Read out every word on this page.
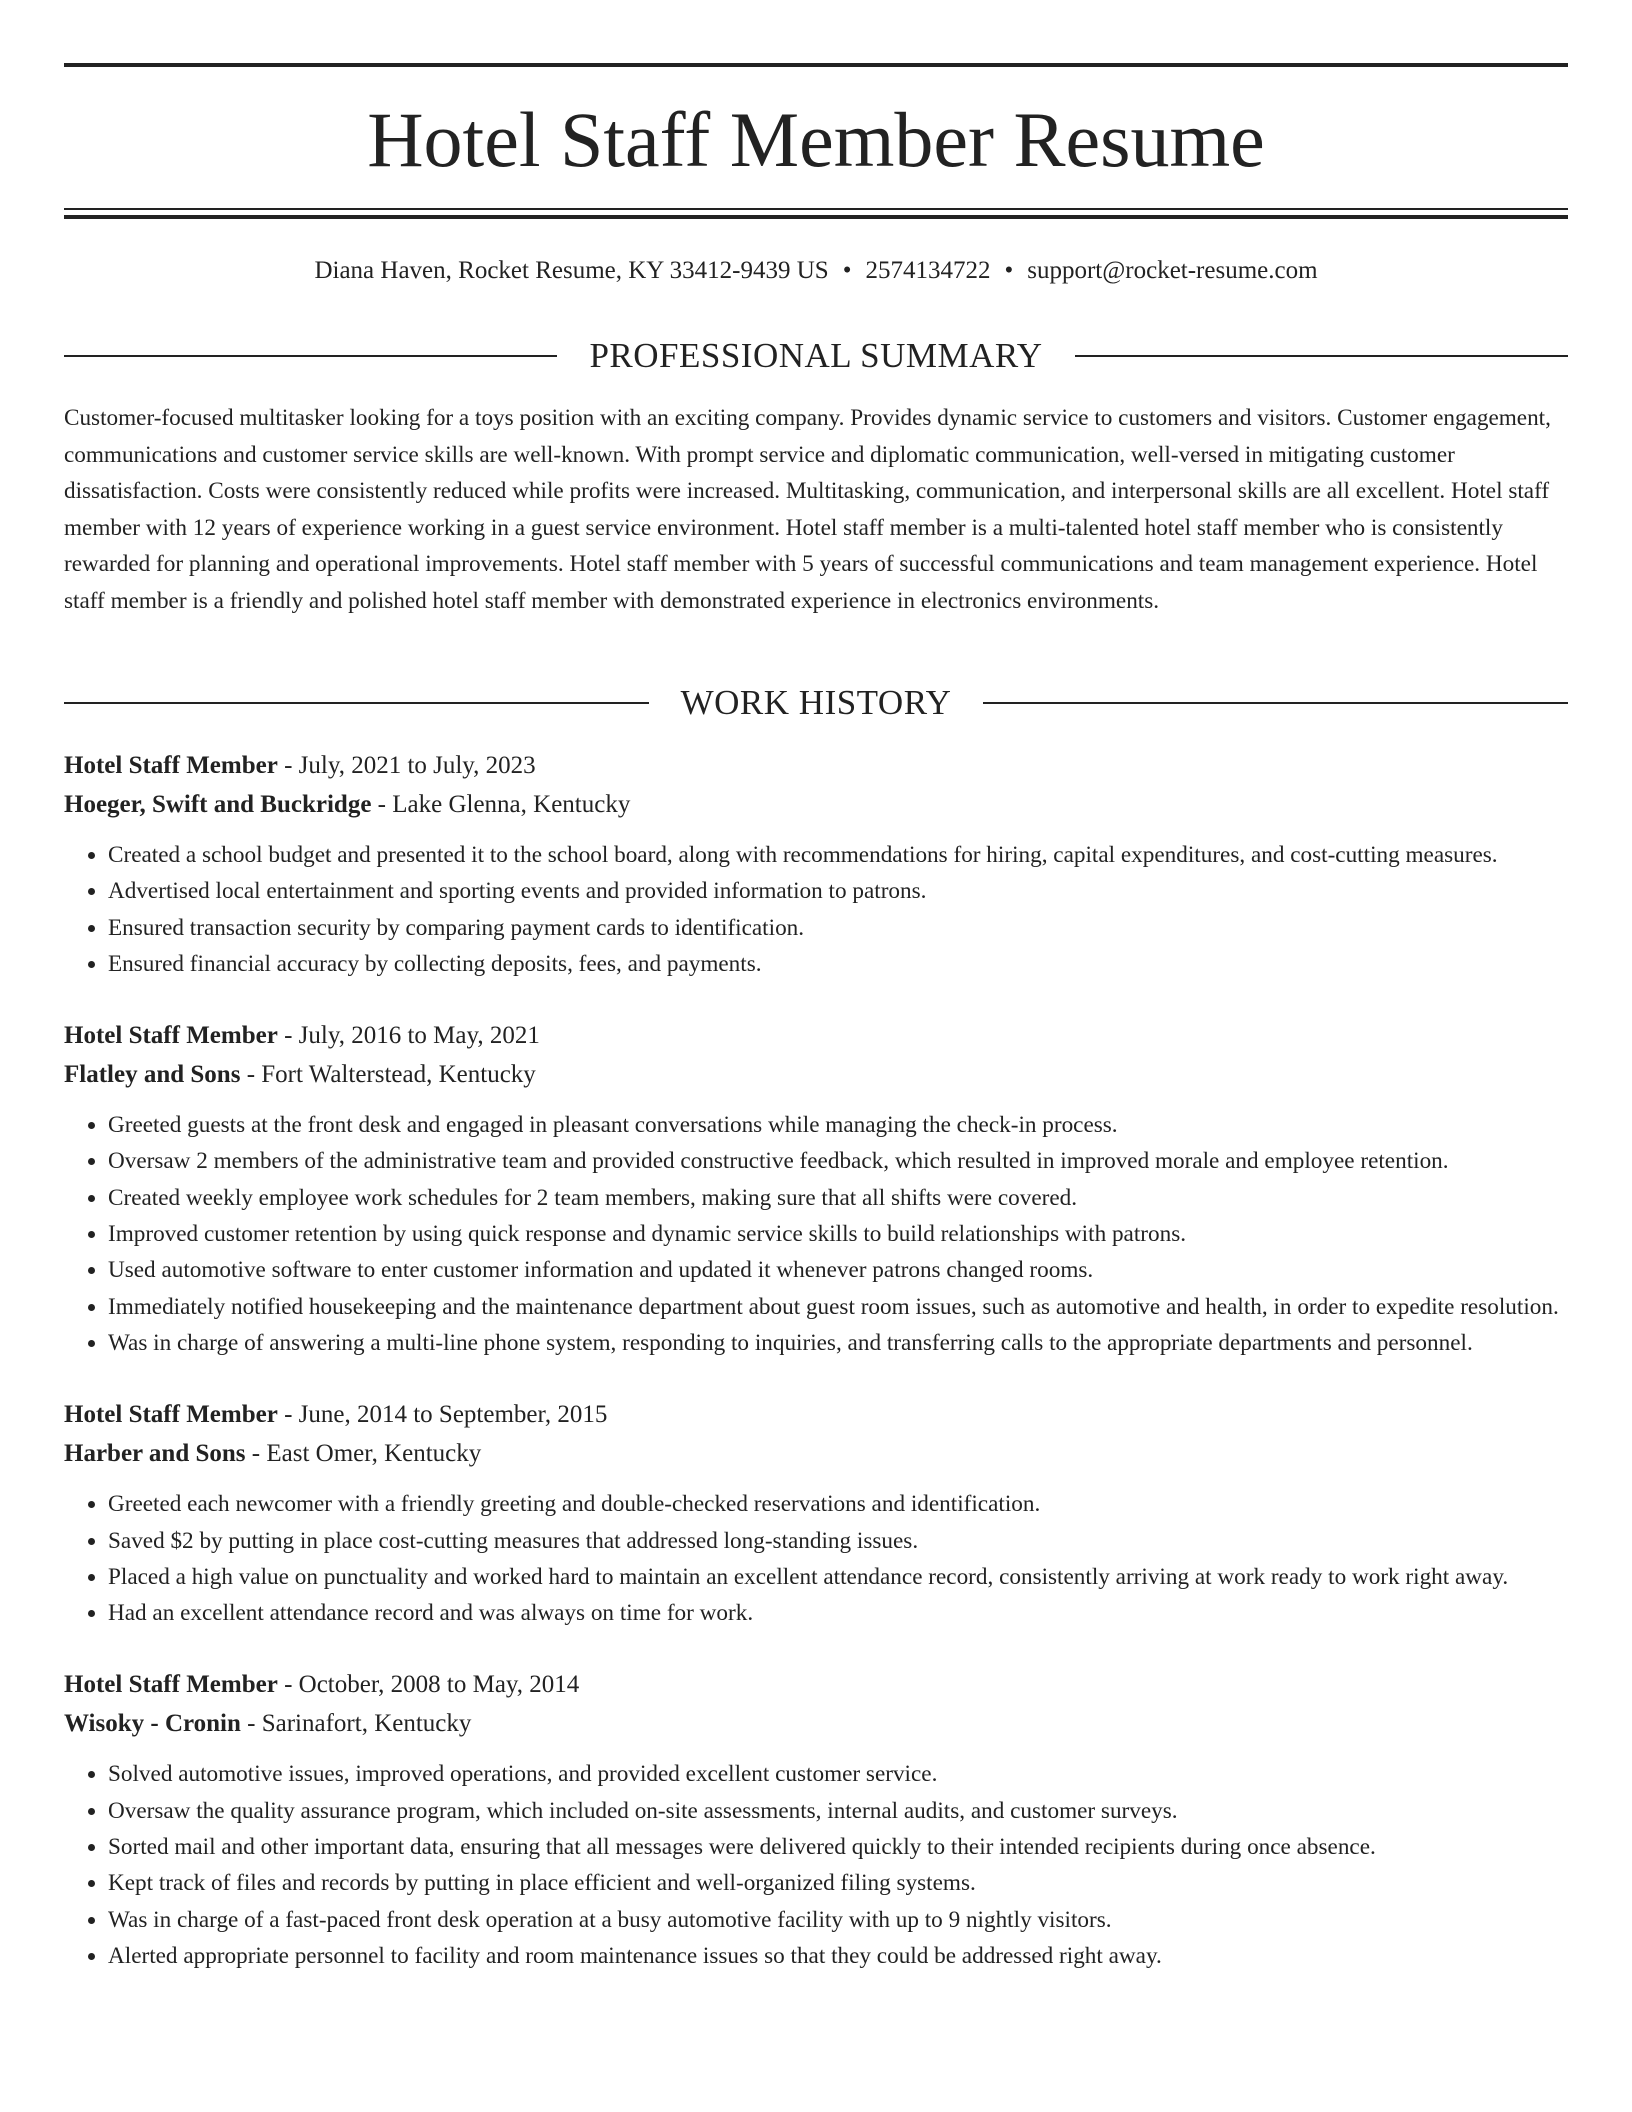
Hotel Staff Member Resume
Diana Haven, Rocket Resume, KY 33412-9439 US • 2574134722 • support@rocket-resume.com
PROFESSIONAL SUMMARY

Customer-focused multitasker looking for a toys position with an exciting company. Provides dynamic service to customers and visitors. Customer engagement, communications and customer service skills are well-known. With prompt service and diplomatic communication, well-versed in mitigating customer dissatisfaction. Costs were consistently reduced while profits were increased. Multitasking, communication, and interpersonal skills are all excellent. Hotel staff member with 12 years of experience working in a guest service environment. Hotel staff member is a multi-talented hotel staff member who is consistently rewarded for planning and operational improvements. Hotel staff member with 5 years of successful communications and team management experience. Hotel staff member is a friendly and polished hotel staff member with demonstrated experience in electronics environments.

WORK HISTORY
Hotel Staff Member - July, 2021 to July, 2023
Hoeger, Swift and Buckridge - Lake Glenna, Kentucky
• Created a school budget and presented it to the school board, along with recommendations for hiring, capital expenditures, and cost-cutting measures.
• Advertised local entertainment and sporting events and provided information to patrons.
• Ensured transaction security by comparing payment cards to identification.
• Ensured financial accuracy by collecting deposits, fees, and payments.
Hotel Staff Member - July, 2016 to May, 2021
Flatley and Sons - Fort Walterstead, Kentucky
• Greeted guests at the front desk and engaged in pleasant conversations while managing the check-in process.
• Oversaw 2 members of the administrative team and provided constructive feedback, which resulted in improved morale and employee retention.
• Created weekly employee work schedules for 2 team members, making sure that all shifts were covered.
• Improved customer retention by using quick response and dynamic service skills to build relationships with patrons.
• Used automotive software to enter customer information and updated it whenever patrons changed rooms.
• Immediately notified housekeeping and the maintenance department about guest room issues, such as automotive and health, in order to expedite resolution.
• Was in charge of answering a multi-line phone system, responding to inquiries, and transferring calls to the appropriate departments and personnel.
Hotel Staff Member - June, 2014 to September, 2015
Harber and Sons - East Omer, Kentucky
• Greeted each newcomer with a friendly greeting and double-checked reservations and identification.
• Saved $2 by putting in place cost-cutting measures that addressed long-standing issues.
• Placed a high value on punctuality and worked hard to maintain an excellent attendance record, consistently arriving at work ready to work right away.
• Had an excellent attendance record and was always on time for work.
Hotel Staff Member - October, 2008 to May, 2014
Wisoky - Cronin - Sarinafort, Kentucky
• Solved automotive issues, improved operations, and provided excellent customer service.
• Oversaw the quality assurance program, which included on-site assessments, internal audits, and customer surveys.
• Sorted mail and other important data, ensuring that all messages were delivered quickly to their intended recipients during once absence.
• Kept track of files and records by putting in place efficient and well-organized filing systems.
• Was in charge of a fast-paced front desk operation at a busy automotive facility with up to 9 nightly visitors.
• Alerted appropriate personnel to facility and room maintenance issues so that they could be addressed right away.
